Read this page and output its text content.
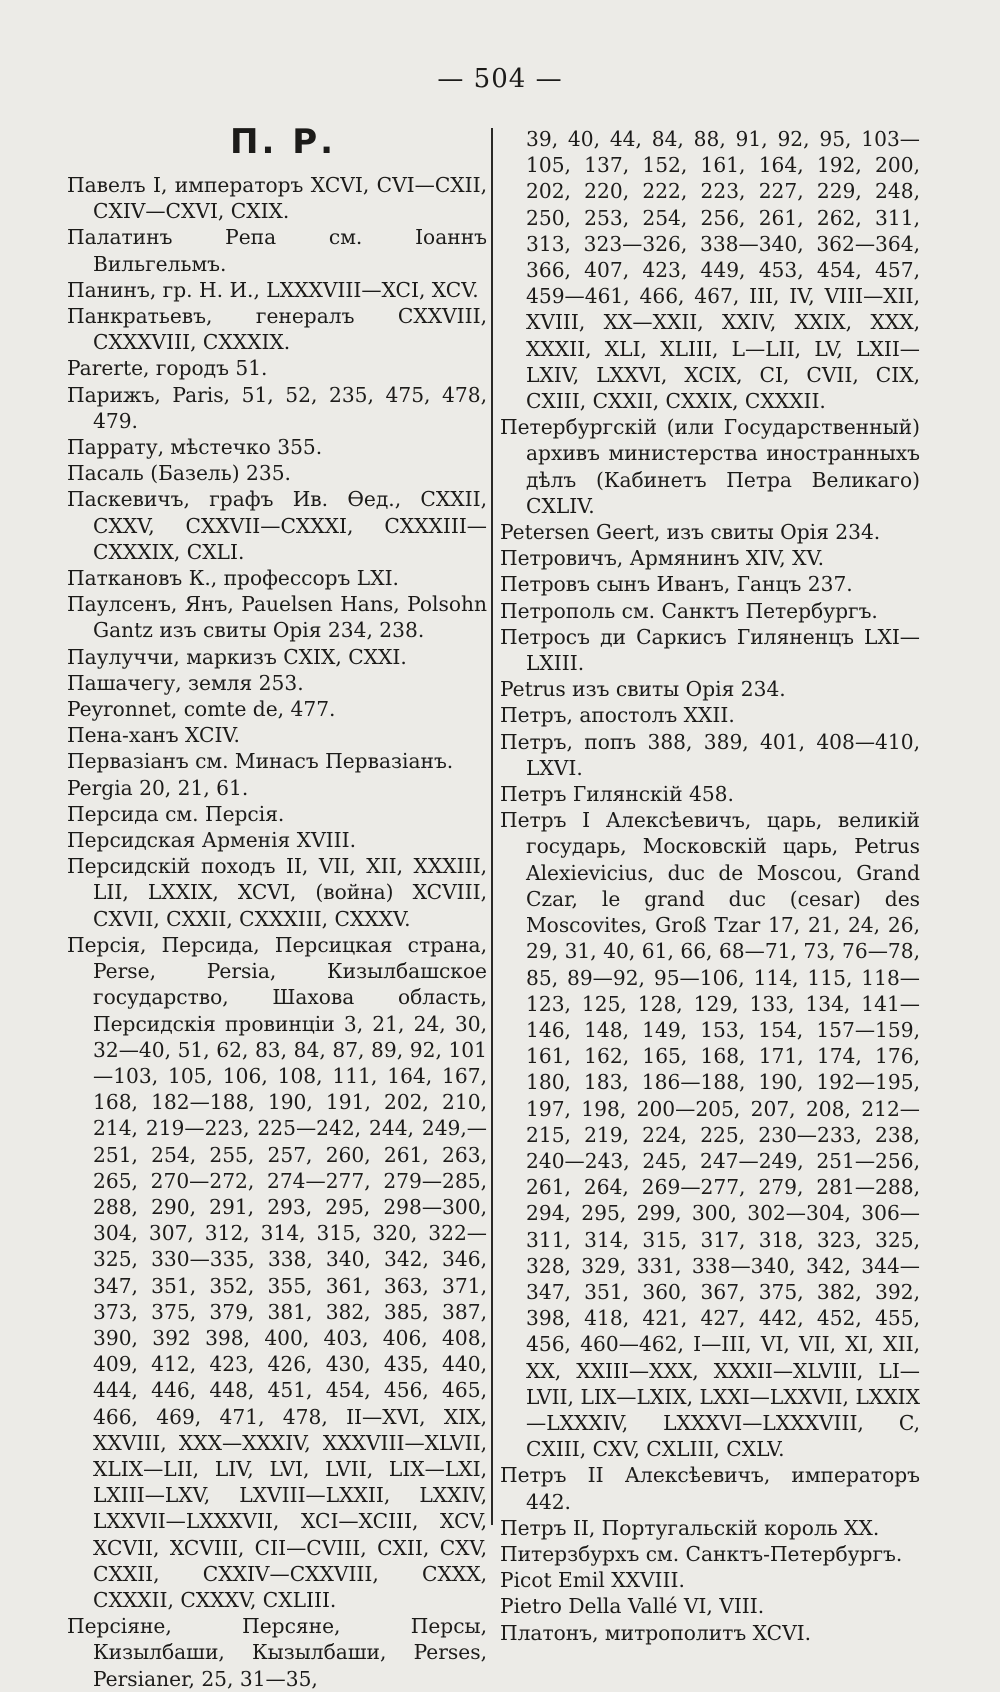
— 504 —
П. Р.
Павелъ I, императоръ XCVI, CVI—CXII, CXIV—CXVI, CXIX.
Палатинъ Репа см. Іоаннъ Вильгельмъ.
Панинъ, гр. Н. И., LXXXVIII—XCI, XCV.
Панкратьевъ, генералъ CXXVIII, CXXXVIII, CXXXIX.
Parerte, городъ 51.
Парижъ, Paris, 51, 52, 235, 475, 478, 479.
Паррату, мѣстечко 355.
Пасаль (Базель) 235.
Паскевичъ, графъ Ив. Ѳед., CXXII, CXXV, CXXVII—CXXXI, CXXXIII—CXXXIX, CXLI.
Паткановъ К., профессоръ LXI.
Паулсенъ, Янъ, Pauelsen Hans, Polsohn Gantz изъ свиты Орія 234, 238.
Паулуччи, маркизъ CXIX, CXXI.
Пашачегу, земля 253.
Peyronnet, comte de, 477.
Пена-ханъ XCIV.
Первазіанъ см. Минасъ Первазіанъ.
Pergia 20, 21, 61.
Персида см. Персія.
Персидская Арменія XVIII.
Персидскій походъ II, VII, XII, XXXIII, LII, LXXIX, XCVI, (война) XCVIII, CXVII, CXXII, CXXXIII, CXXXV.
Персія, Персида, Персицкая страна, Perse, Persia, Кизылбашское государство, Шахова область, Персидскія провинціи 3, 21, 24, 30, 32—40, 51, 62, 83, 84, 87, 89, 92, 101—103, 105, 106, 108, 111, 164, 167, 168, 182—188, 190, 191, 202, 210, 214, 219—223, 225—242, 244, 249,—251, 254, 255, 257, 260, 261, 263, 265, 270—272, 274—277, 279—285, 288, 290, 291, 293, 295, 298—300, 304, 307, 312, 314, 315, 320, 322—325, 330—335, 338, 340, 342, 346, 347, 351, 352, 355, 361, 363, 371, 373, 375, 379, 381, 382, 385, 387, 390, 392 398, 400, 403, 406, 408, 409, 412, 423, 426, 430, 435, 440, 444, 446, 448, 451, 454, 456, 465, 466, 469, 471, 478, II—XVI, XIX, XXVIII, XXX—XXXIV, XXXVIII—XLVII, XLIX—LII, LIV, LVI, LVII, LIX—LXI, LXIII—LXV, LXVIII—LXXII, LXXIV, LXXVII—LXXXVII, XCI—XCIII, XCV, XCVII, XCVIII, CII—CVIII, CXII, CXV, CXXII, CXXIV—CXXVIII, CXXX, CXXXII, CXXXV, CXLIII.
Персіяне, Персяне, Персы, Кизылбаши, Кызылбаши, Perses, Persianer, 25, 31—35,
39, 40, 44, 84, 88, 91, 92, 95, 103—105, 137, 152, 161, 164, 192, 200, 202, 220, 222, 223, 227, 229, 248, 250, 253, 254, 256, 261, 262, 311, 313, 323—326, 338—340, 362—364, 366, 407, 423, 449, 453, 454, 457, 459—461, 466, 467, III, IV, VIII—XII, XVIII, XX—XXII, XXIV, XXIX, XXX, XXXII, XLI, XLIII, L—LII, LV, LXII—LXIV, LXXVI, XCIX, CI, CVII, CIX, CXIII, CXXII, CXXIX, CXXXII.
Петербургскій (или Государственный) архивъ министерства иностранныхъ дѣлъ (Кабинетъ Петра Великаго) CXLIV.
Petersen Geert, изъ свиты Орія 234.
Петровичъ, Армянинъ XIV, XV.
Петровъ сынъ Иванъ, Ганцъ 237.
Петрополь см. Санктъ Петербургъ.
Петросъ ди Саркисъ Гиляненцъ LXI—LXIII.
Petrus изъ свиты Орія 234.
Петръ, апостолъ XXII.
Петръ, попъ 388, 389, 401, 408—410, LXVI.
Петръ Гилянскій 458.
Петръ I Алексѣевичъ, царь, великій государь, Московскій царь, Petrus Alexievicius, duc de Moscou, Grand Czar, le grand duc (cesar) des Moscovites, Groß Tzar 17, 21, 24, 26, 29, 31, 40, 61, 66, 68—71, 73, 76—78, 85, 89—92, 95—106, 114, 115, 118—123, 125, 128, 129, 133, 134, 141—146, 148, 149, 153, 154, 157—159, 161, 162, 165, 168, 171, 174, 176, 180, 183, 186—188, 190, 192—195, 197, 198, 200—205, 207, 208, 212—215, 219, 224, 225, 230—233, 238, 240—243, 245, 247—249, 251—256, 261, 264, 269—277, 279, 281—288, 294, 295, 299, 300, 302—304, 306—311, 314, 315, 317, 318, 323, 325, 328, 329, 331, 338—340, 342, 344—347, 351, 360, 367, 375, 382, 392, 398, 418, 421, 427, 442, 452, 455, 456, 460—462, I—III, VI, VII, XI, XII, XX, XXIII—XXX, XXXII—XLVIII, LI—LVII, LIX—LXIX, LXXI—LXXVII, LXXIX—LXXXIV, LXXXVI—LXXXVIII, C, CXIII, CXV, CXLIII, CXLV.
Петръ II Алексѣевичъ, императоръ 442.
Петръ II, Португальскій король XX.
Питерзбурхъ см. Санктъ-Петербургъ.
Picot Emil XXVIII.
Pietro Della Vallé VI, VIII.
Платонъ, митрополитъ XCVI.
